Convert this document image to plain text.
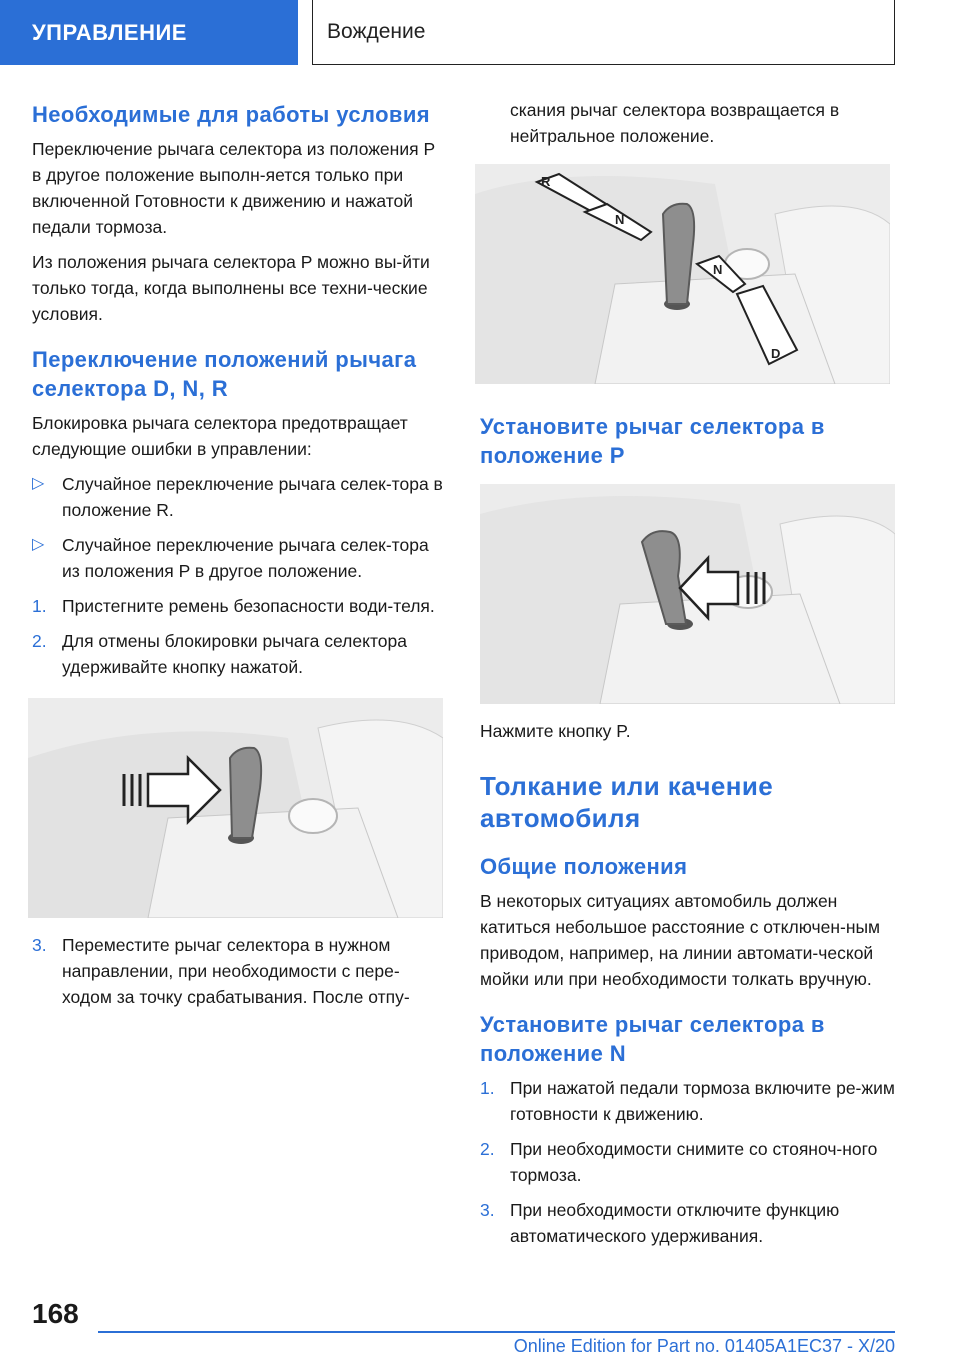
УПРАВЛЕНИЕ	Вождение
Необходимые для работы условия

Переключение рычага селектора из положения P в другое положение выполн‐яется только при включенной Готовности к движению и нажатой педали тормоза.

Из положения рычага селектора P можно вы‐йти только тогда, когда выполнены все техни‐ческие условия.

Переключение положений рычага селектора D, N, R

Блокировка рычага селектора предотвращает следующие ошибки в управлении:

▷	Случайное переключение рычага селек‐тора в положение R.
▷	Случайное переключение рычага селек‐тора из положения P в другое положение.
1. Пристегните ремень безопасности води‐теля.
2. Для отмены блокировки рычага селектора удерживайте кнопку нажатой.
3. Переместите рычаг селектора в нужном направлении, при необходимости с пере‐ходом за точку срабатывания. После отпу‐

скания рычаг селектора возвращается в нейтральное положение.

R
N
N
D
Установите рычаг селектора в положение P

Нажмите кнопку P.

Толкание или качение автомобиля
Общие положения

В некоторых ситуациях автомобиль должен катиться небольшое расстояние с отключен‐ным приводом, например, на линии автомати‐ческой мойки или при необходимости толкать вручную.

Установите рычаг селектора в положение N
1. При нажатой педали тормоза включите ре‐жим готовности к движению.
2. При необходимости снимите со стояноч‐ного тормоза.
3. При необходимости отключите функцию автоматического удерживания.
168
Online Edition for Part no. 01405A1EC37 - X/20
